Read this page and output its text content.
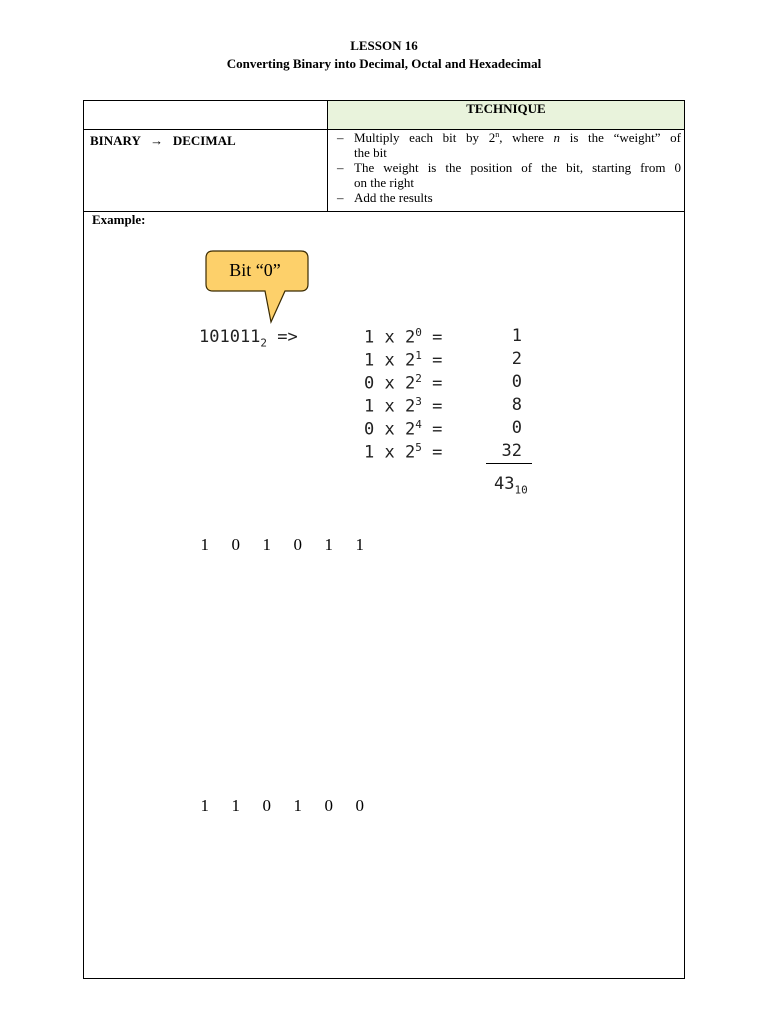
LESSON 16
Converting Binary into Decimal, Octal and Hexadecimal
TECHNIQUE
BINARY → DECIMAL	– Multiply each bit by 2$^n$, where n is the “weight” of
the bit
– The weight is the position of the bit, starting from 0
on the right
– Add the results
Example:
Bit “0”
$101011_2$ =>	1 x $2^0$ =	1
1 x $2^1$ =	2
0 x $2^2$ =	0
1 x $2^3$ =	8
0 x $2^4$ =	0
1 x $2^5$ =	32
$43_{10}$

1 0 1 0 1 1

1 1 0 1 0 0
